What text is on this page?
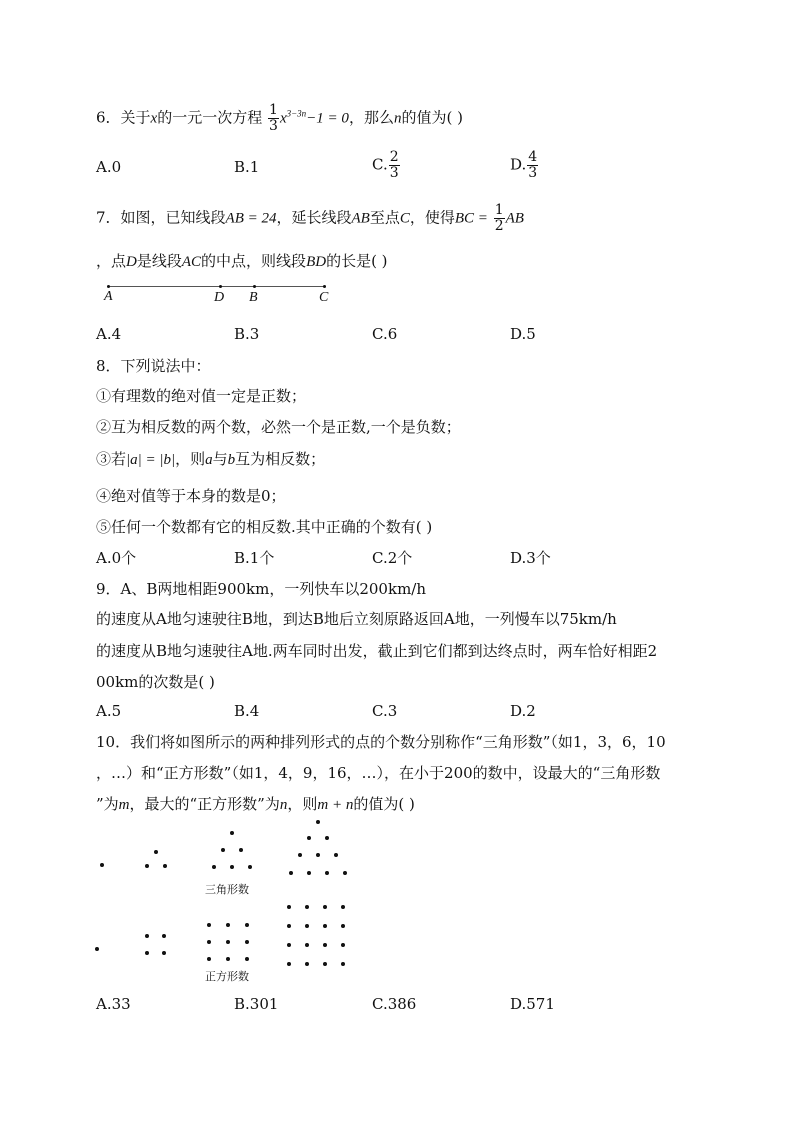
6．关于x的一元一次方程 $\frac{1}{3} x^{3-3n}-1 = 0$，那么n的值为( )
A.0	B.1	C. $\frac{2}{3}$	D. $\frac{4}{3}$
7．如图，已知线段AB = 24，延长线段AB至点C，使得BC = $\frac{1}{2}$ AB
，点D是线段AC的中点，则线段BD的长是( )
A	D B	C
A.4	B.3	C.6	D.5
8．下列说法中：
①有理数的绝对值一定是正数；
②互为相反数的两个数，必然一个是正数,一个是负数；
③若|a| = |b|，则a与b互为相反数；
④绝对值等于本身的数是0；
⑤任何一个数都有它的相反数.其中正确的个数有( )
A.0个	B.1个	C.2个	D.3个
9．A、B两地相距900km，一列快车以200km/h
的速度从A地匀速驶往B地，到达B地后立刻原路返回A地，一列慢车以75km/h
的速度从B地匀速驶往A地.两车同时出发，截止到它们都到达终点时，两车恰好相距2
00km的次数是( )
A.5	B.4	C.3	D.2
10．我们将如图所示的两种排列形式的点的个数分别称作“三角形数”（如1，3，6，10
，…）和“正方形数”（如1，4，9，16，…），在小于200的数中，设最大的“三角形数
”为m，最大的“正方形数”为n，则m + n的值为( )
三角形数
正方形数
A.33	B.301	C.386	D.571
